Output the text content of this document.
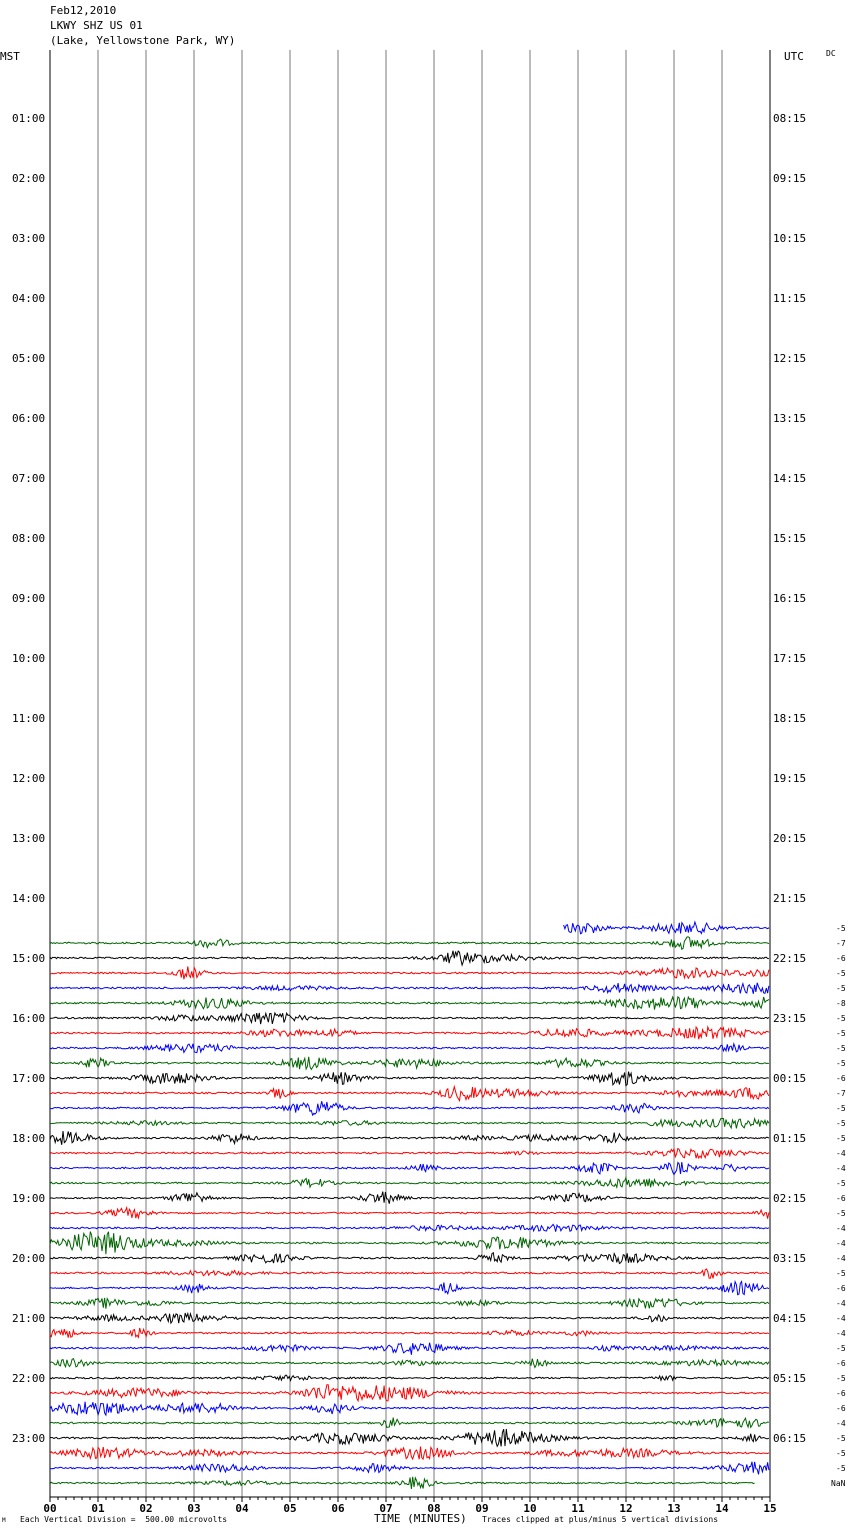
Feb12,2010
LKWY SHZ US 01
(Lake, Yellowstone Park, WY)
MST	UTC	DC
01:00
02:00
03:00
04:00
05:00
06:00
07:00
08:00
09:00
10:00
11:00
12:00
13:00
14:00
15:00
16:00
17:00
18:00
19:00
20:00
21:00
22:00
23:00
08:15
09:15
10:15
11:15
12:15
13:15
14:15
15:15
16:15
17:15
18:15
19:15
20:15
21:15
22:15
23:15
00:15
01:15
02:15
03:15
04:15
05:15
06:15
-5
-7
-6
-5
-5
-8
-5
-5
-5
-5
-6
-7
-5
-5
-5
-4
-4
-5
-6
-5
-4
-4
-4
-5
-6
-4
-4
-4
-5
-6
-5
-6
-6
-4
-5
-5
-5
00	01	02	03	04	05	06	07	08	09	10	11	12	13	14	15
NaN
M Each Vertical Division =  500.00 microvolts	TIME (MINUTES) Traces clipped at plus/minus 5 vertical divisions
